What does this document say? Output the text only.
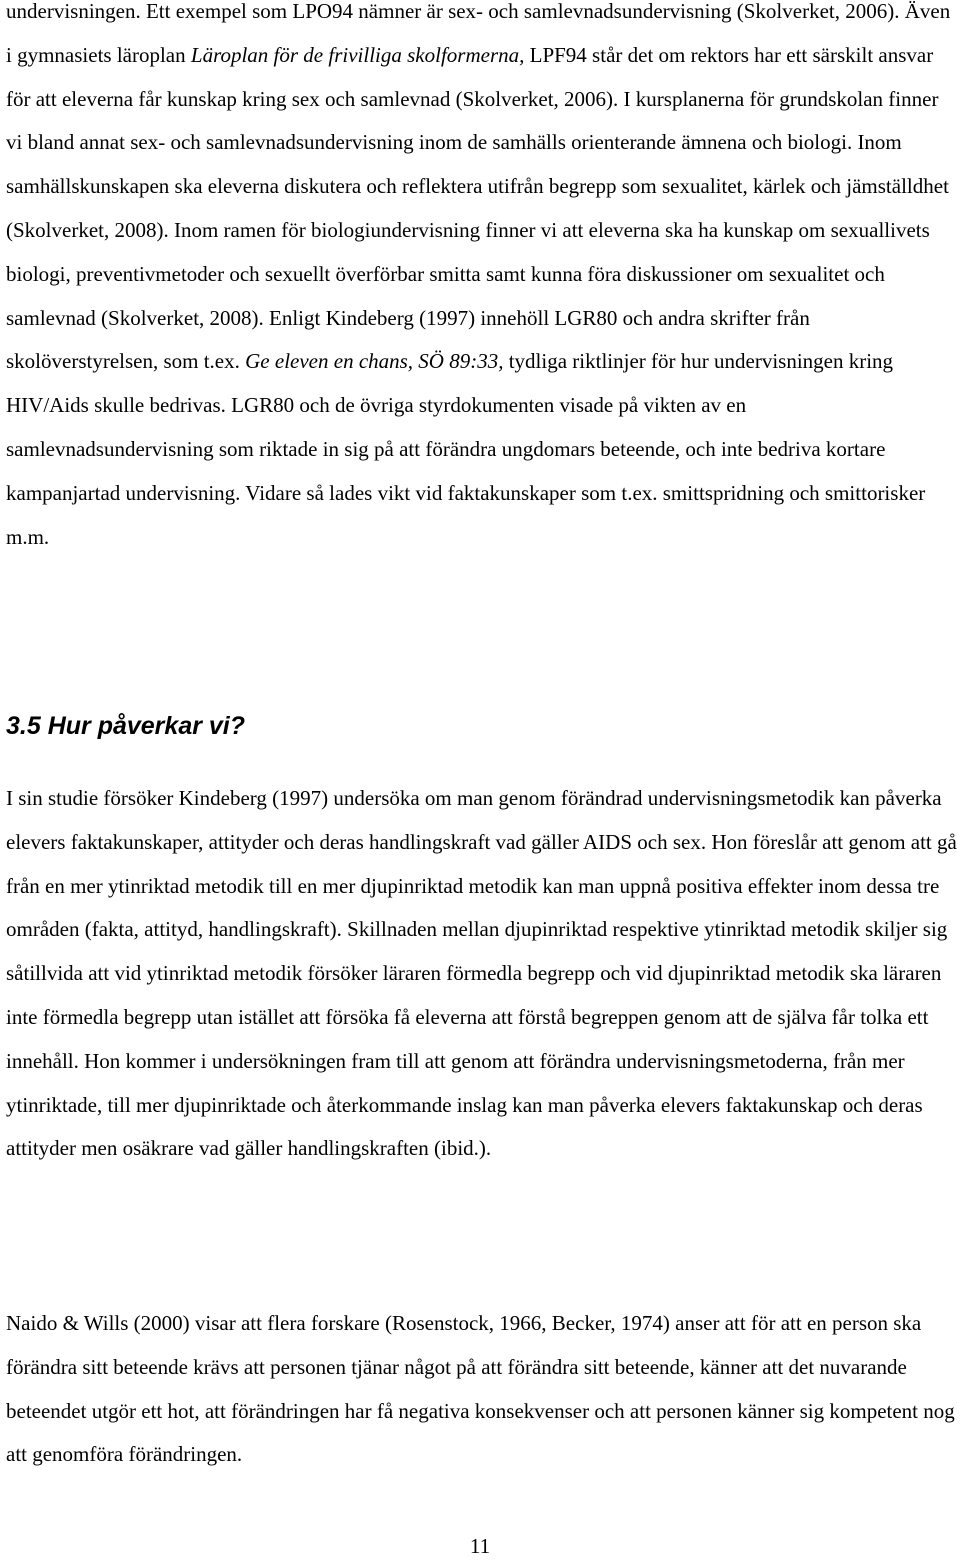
undervisningen. Ett exempel som LPO94 nämner är sex- och samlevnadsundervisning (Skolverket, 2006). Även i gymnasiets läroplan Läroplan för de frivilliga skolformerna, LPF94 står det om rektors har ett särskilt ansvar för att eleverna får kunskap kring sex och samlevnad (Skolverket, 2006). I kursplanerna för grundskolan finner vi bland annat sex- och samlevnadsundervisning inom de samhälls orienterande ämnena och biologi. Inom samhällskunskapen ska eleverna diskutera och reflektera utifrån begrepp som sexualitet, kärlek och jämställdhet (Skolverket, 2008). Inom ramen för biologiundervisning finner vi att eleverna ska ha kunskap om sexuallivets biologi, preventivmetoder och sexuellt överförbar smitta samt kunna föra diskussioner om sexualitet och samlevnad (Skolverket, 2008). Enligt Kindeberg (1997) innehöll LGR80 och andra skrifter från skolöverstyrelsen, som t.ex. Ge eleven en chans, SÖ 89:33, tydliga riktlinjer för hur undervisningen kring HIV/Aids skulle bedrivas. LGR80 och de övriga styrdokumenten visade på vikten av en samlevnadsundervisning som riktade in sig på att förändra ungdomars beteende, och inte bedriva kortare kampanjartad undervisning. Vidare så lades vikt vid faktakunskaper som t.ex. smittspridning och smittorisker m.m.

3.5 Hur påverkar vi?

I sin studie försöker Kindeberg (1997) undersöka om man genom förändrad undervisningsmetodik kan påverka elevers faktakunskaper, attityder och deras handlingskraft vad gäller AIDS och sex. Hon föreslår att genom att gå från en mer ytinriktad metodik till en mer djupinriktad metodik kan man uppnå positiva effekter inom dessa tre områden (fakta, attityd, handlingskraft). Skillnaden mellan djupinriktad respektive ytinriktad metodik skiljer sig såtillvida att vid ytinriktad metodik försöker läraren förmedla begrepp och vid djupinriktad metodik ska läraren inte förmedla begrepp utan istället att försöka få eleverna att förstå begreppen genom att de själva får tolka ett innehåll. Hon kommer i undersökningen fram till att genom att förändra undervisningsmetoderna, från mer ytinriktade, till mer djupinriktade och återkommande inslag kan man påverka elevers faktakunskap och deras attityder men osäkrare vad gäller handlingskraften (ibid.).

Naido & Wills (2000) visar att flera forskare (Rosenstock, 1966, Becker, 1974) anser att för att en person ska förändra sitt beteende krävs att personen tjänar något på att förändra sitt beteende, känner att det nuvarande beteendet utgör ett hot, att förändringen har få negativa konsekvenser och att personen känner sig kompetent nog att genomföra förändringen.

11
